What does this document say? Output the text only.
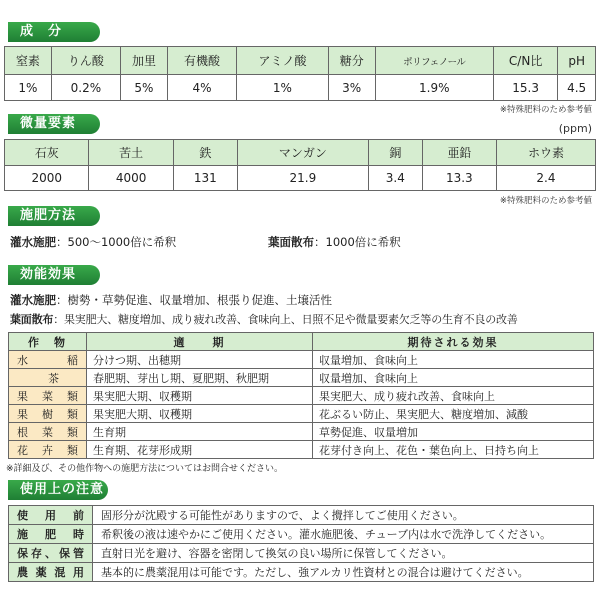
成　分
窒素	りん酸	加里	有機酸	アミノ酸	糖分	ポリフェノール	C/N比	pH
1%	0.2%	5%	4%	1%	3%	1.9%	15.3	4.5
※特殊肥料のため参考値
微量要素	(ppm)
石灰	苦土	鉄	マンガン	銅	亜鉛	ホウ素
2000	4000	131	21.9	3.4	13.3	2.4
※特殊肥料のため参考値
施肥方法
灌水施肥：500～1000倍に希釈	葉面散布：1000倍に希釈
効能効果
灌水施肥：樹勢・草勢促進、収量増加、根張り促進、土壌活性
葉面散布：果実肥大、糖度増加、成り疲れ改善、食味向上、日照不足や微量要素欠乏等の生育不良の改善
作　物	適　　期	期待される効果
水稲	分けつ期、出穂期	収量増加、食味向上
茶	春肥期、芽出し期、夏肥期、秋肥期	収量増加、食味向上
果菜類	果実肥大期、収穫期	果実肥大、成り疲れ改善、食味向上
果樹類	果実肥大期、収穫期	花ぶるい防止、果実肥大、糖度増加、減酸
根菜類	生育期	草勢促進、収量増加
花卉類	生育期、花芽形成期	花芽付き向上、花色・葉色向上、日持ち向上
※詳細及び、その他作物への施肥方法についてはお問合せください。
使用上の注意
使用前	固形分が沈殿する可能性がありますので、よく攪拌してご使用ください。
施肥時	希釈後の液は速やかにご使用ください。灌水施肥後、チューブ内は水で洗浄してください。
保存、保管	直射日光を避け、容器を密閉して換気の良い場所に保管してください。
農薬混用	基本的に農薬混用は可能です。ただし、強アルカリ性資材との混合は避けてください。
